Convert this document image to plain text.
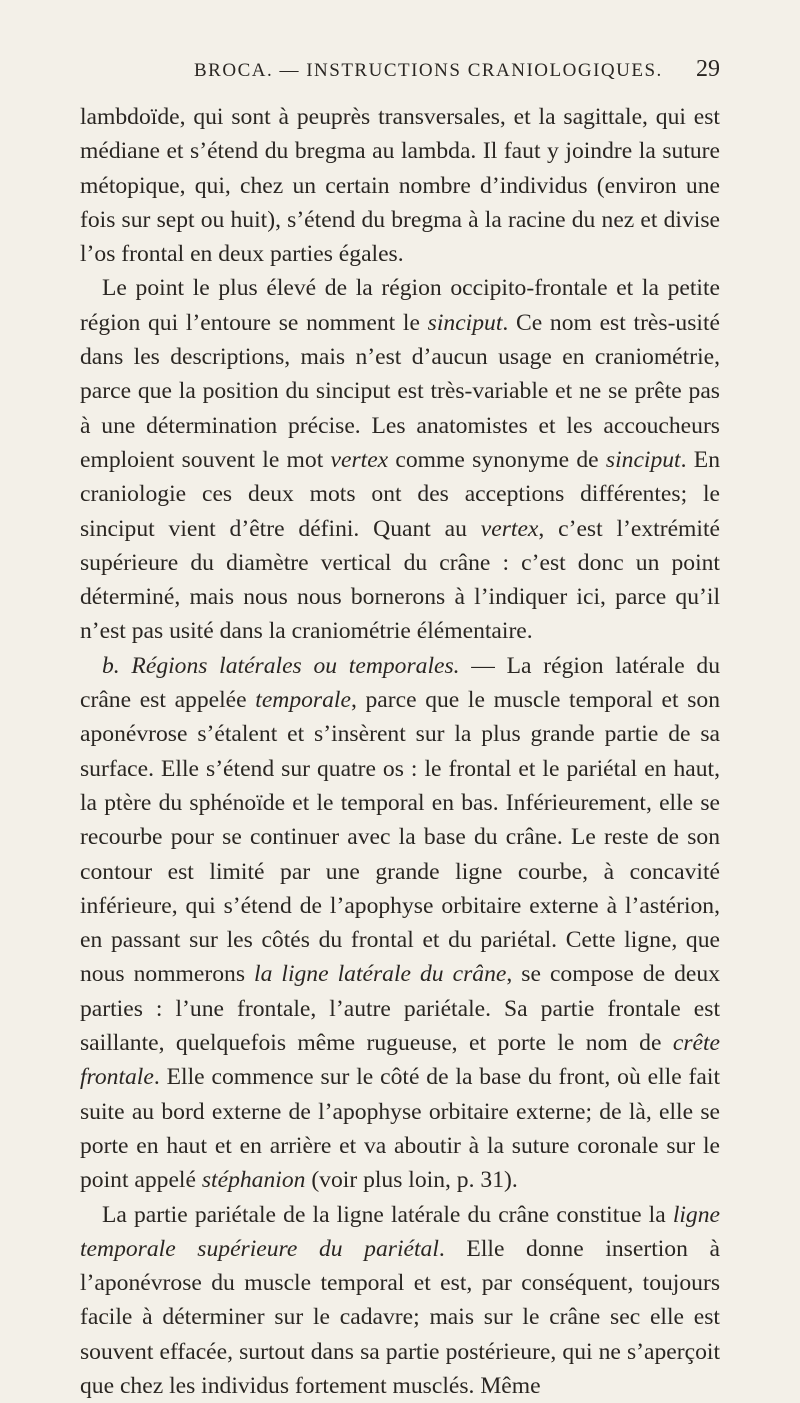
BROCA. — INSTRUCTIONS CRANIOLOGIQUES. 29

lambdoïde, qui sont à peuprès transversales, et la sagittale, qui est médiane et s’étend du bregma au lambda. Il faut y joindre la suture métopique, qui, chez un certain nombre d’individus (environ une fois sur sept ou huit), s’étend du bregma à la racine du nez et divise l’os frontal en deux parties égales.

Le point le plus élevé de la région occipito-frontale et la petite région qui l’entoure se nomment le sinciput. Ce nom est très-usité dans les descriptions, mais n’est d’aucun usage en craniométrie, parce que la position du sinciput est très-variable et ne se prête pas à une détermination précise. Les anatomistes et les accoucheurs emploient souvent le mot vertex comme synonyme de sinciput. En craniologie ces deux mots ont des acceptions différentes; le sinciput vient d’être défini. Quant au vertex, c’est l’extrémité supérieure du diamètre vertical du crâne : c’est donc un point déterminé, mais nous nous bornerons à l’indiquer ici, parce qu’il n’est pas usité dans la craniométrie élémentaire.

b. Régions latérales ou temporales. — La région latérale du crâne est appelée temporale, parce que le muscle temporal et son aponévrose s’étalent et s’insèrent sur la plus grande partie de sa surface. Elle s’étend sur quatre os : le frontal et le pariétal en haut, la ptère du sphénoïde et le temporal en bas. Inférieurement, elle se recourbe pour se continuer avec la base du crâne. Le reste de son contour est limité par une grande ligne courbe, à concavité inférieure, qui s’étend de l’apophyse orbitaire externe à l’astérion, en passant sur les côtés du frontal et du pariétal. Cette ligne, que nous nommerons la ligne latérale du crâne, se compose de deux parties : l’une frontale, l’autre pariétale. Sa partie frontale est saillante, quelquefois même rugueuse, et porte le nom de crête frontale. Elle commence sur le côté de la base du front, où elle fait suite au bord externe de l’apophyse orbitaire externe; de là, elle se porte en haut et en arrière et va aboutir à la suture coronale sur le point appelé stéphanion (voir plus loin, p. 31).

La partie pariétale de la ligne latérale du crâne constitue la ligne temporale supérieure du pariétal. Elle donne insertion à l’aponévrose du muscle temporal et est, par conséquent, toujours facile à déterminer sur le cadavre; mais sur le crâne sec elle est souvent effacée, surtout dans sa partie postérieure, qui ne s’aperçoit que chez les individus fortement musclés. Même
